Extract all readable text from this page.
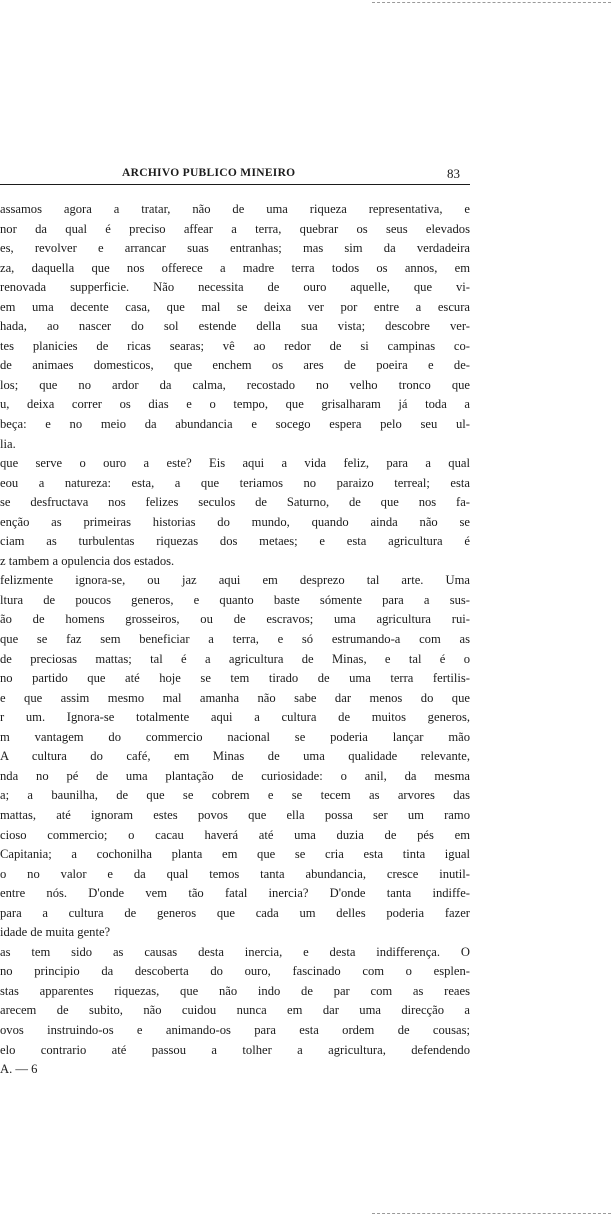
ARCHIVO PUBLICO MINEIRO	83
assamos agora a tratar, não de uma riqueza representativa, e
nor da qual é preciso affear a terra, quebrar os seus elevados
es, revolver e arrancar suas entranhas; mas sim da verdadeira
za, daquella que nos offerece a madre terra todos os annos, em
renovada supperficie. Não necessita de ouro aquelle, que vi-
em uma decente casa, que mal se deixa ver por entre a escura
hada, ao nascer do sol estende della sua vista; descobre ver-
tes planicies de ricas searas; vê ao redor de si campinas co-
de animaes domesticos, que enchem os ares de poeira e de-
los; que no ardor da calma, recostado no velho tronco que
u, deixa correr os dias e o tempo, que grisalharam já toda a
beça: e no meio da abundancia e socego espera pelo seu ul-
lia.
que serve o ouro a este? Eis aqui a vida feliz, para a qual
eou a natureza: esta, a que teriamos no paraizo terreal; esta
se desfructava nos felizes seculos de Saturno, de que nos fa-
enção as primeiras historias do mundo, quando ainda não se
ciam as turbulentas riquezas dos metaes; e esta agricultura é
z tambem a opulencia dos estados.
felizmente ignora-se, ou jaz aqui em desprezo tal arte. Uma
ltura de poucos generos, e quanto baste sómente para a sus-
ão de homens grosseiros, ou de escravos; uma agricultura rui-
que se faz sem beneficiar a terra, e só estrumando-a com as
de preciosas mattas; tal é a agricultura de Minas, e tal é o
no partido que até hoje se tem tirado de uma terra fertilis-
e que assim mesmo mal amanha não sabe dar menos do que
r um. Ignora-se totalmente aqui a cultura de muitos generos,
m vantagem do commercio nacional se poderia lançar mão
A cultura do café, em Minas de uma qualidade relevante,
nda no pé de uma plantação de curiosidade: o anil, da mesma
a; a baunilha, de que se cobrem e se tecem as arvores das
mattas, até ignoram estes povos que ella possa ser um ramo
cioso commercio; o cacau haverá até uma duzia de pés em
Capitania; a cochonilha planta em que se cria esta tinta igual
o no valor e da qual temos tanta abundancia, cresce inutil-
entre nós. D'onde vem tão fatal inercia? D'onde tanta indiffe-
para a cultura de generos que cada um delles poderia fazer
idade de muita gente?
as tem sido as causas desta inercia, e desta indifferença. O
no principio da descoberta do ouro, fascinado com o esplen-
stas apparentes riquezas, que não indo de par com as reaes
arecem de subito, não cuidou nunca em dar uma direcção a
ovos instruindo-os e animando-os para esta ordem de cousas;
elo contrario até passou a tolher a agricultura, defendendo
A. — 6
